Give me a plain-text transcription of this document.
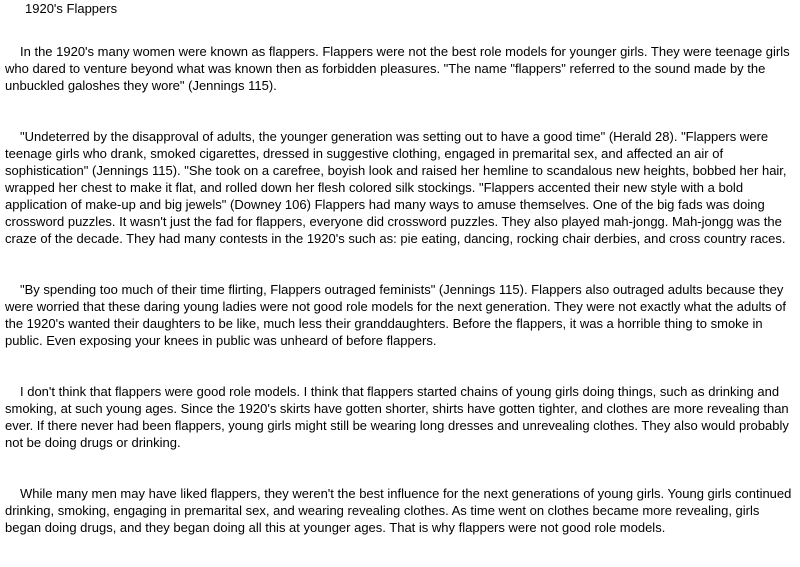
1920's Flappers

In the 1920's many women were known as flappers. Flappers were not the best role models for younger girls. They were teenage girls who dared to venture beyond what was known then as forbidden pleasures. "The name "flappers" referred to the sound made by the unbuckled galoshes they wore" (Jennings 115).

"Undeterred by the disapproval of adults, the younger generation was setting out to have a good time" (Herald 28). "Flappers were teenage girls who drank, smoked cigarettes, dressed in suggestive clothing, engaged in premarital sex, and affected an air of sophistication" (Jennings 115). "She took on a carefree, boyish look and raised her hemline to scandalous new heights, bobbed her hair, wrapped her chest to make it flat, and rolled down her flesh colored silk stockings. "Flappers accented their new style with a bold application of make-up and big jewels" (Downey 106) Flappers had many ways to amuse themselves. One of the big fads was doing crossword puzzles. It wasn't just the fad for flappers, everyone did crossword puzzles. They also played mah-jongg. Mah-jongg was the craze of the decade. They had many contests in the 1920's such as: pie eating, dancing, rocking chair derbies, and cross country races.

"By spending too much of their time flirting, Flappers outraged feminists" (Jennings 115). Flappers also outraged adults because they were worried that these daring young ladies were not good role models for the next generation. They were not exactly what the adults of the 1920's wanted their daughters to be like, much less their granddaughters. Before the flappers, it was a horrible thing to smoke in public. Even exposing your knees in public was unheard of before flappers.

I don't think that flappers were good role models. I think that flappers started chains of young girls doing things, such as drinking and smoking, at such young ages. Since the 1920's skirts have gotten shorter, shirts have gotten tighter, and clothes are more revealing than ever. If there never had been flappers, young girls might still be wearing long dresses and unrevealing clothes. They also would probably not be doing drugs or drinking.

While many men may have liked flappers, they weren't the best influence for the next generations of young girls. Young girls continued drinking, smoking, engaging in premarital sex, and wearing revealing clothes. As time went on clothes became more revealing, girls began doing drugs, and they began doing all this at younger ages. That is why flappers were not good role models.
